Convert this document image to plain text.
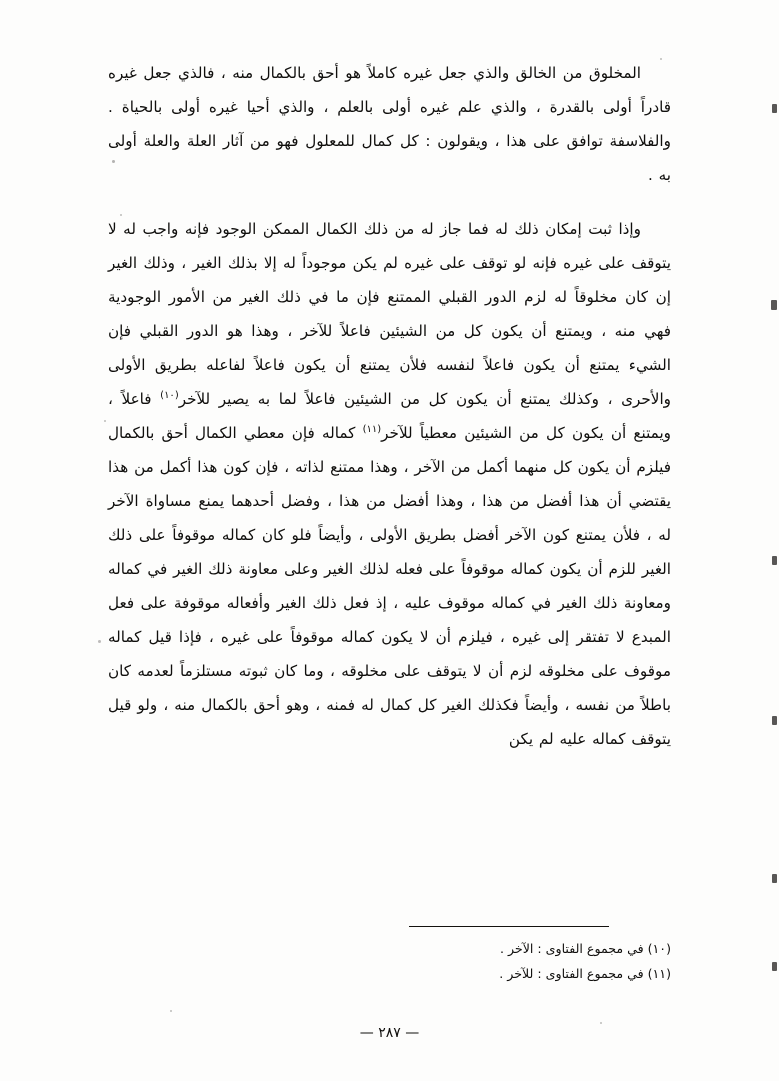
المخلوق من الخالق والذي جعل غيره كاملاً هو أحق بالكمال منه ، فالذي جعل غيره قادراً أولى بالقدرة ، والذي علم غيره أولى بالعلم ، والذي أحيا غيره أولى بالحياة . والفلاسفة توافق على هذا ، ويقولون : كل كمال للمعلول فهو من آثار العلة والعلة أولى به .

وإذا ثبت إمكان ذلك له فما جاز له من ذلك الكمال الممكن الوجود فإنه واجب له لا يتوقف على غيره فإنه لو توقف على غيره لم يكن موجوداً له إلا بذلك الغير ، وذلك الغير إن كان مخلوقاً له لزم الدور القبلي الممتنع فإن ما في ذلك الغير من الأمور الوجودية فهي منه ، ويمتنع أن يكون كل من الشيئين فاعلاً للآخر ، وهذا هو الدور القبلي فإن الشيء يمتنع أن يكون فاعلاً لنفسه فلأن يمتنع أن يكون فاعلاً لفاعله بطريق الأولى والأحرى ، وكذلك يمتنع أن يكون كل من الشيئين فاعلاً لما به يصير للآخر$^{(١٠)}$ فاعلاً ، ويمتنع أن يكون كل من الشيئين معطياً للآخر$^{(١١)}$ كماله فإن معطي الكمال أحق بالكمال فيلزم أن يكون كل منهما أكمل من الآخر ، وهذا ممتنع لذاته ، فإن كون هذا أكمل من هذا يقتضي أن هذا أفضل من هذا ، وهذا أفضل من هذا ، وفضل أحدهما يمنع مساواة الآخر له ، فلأن يمتنع كون الآخر أفضل بطريق الأولى ، وأيضاً فلو كان كماله موقوفاً على ذلك الغير للزم أن يكون كماله موقوفاً على فعله لذلك الغير وعلى معاونة ذلك الغير في كماله ومعاونة ذلك الغير في كماله موقوف عليه ، إذ فعل ذلك الغير وأفعاله موقوفة على فعل المبدع لا تفتقر إلى غيره ، فيلزم أن لا يكون كماله موقوفاً على غيره ، فإذا قيل كماله موقوف على مخلوقه لزم أن لا يتوقف على مخلوقه ، وما كان ثبوته مستلزماً لعدمه كان باطلاً من نفسه ، وأيضاً فكذلك الغير كل كمال له فمنه ، وهو أحق بالكمال منه ، ولو قيل يتوقف كماله عليه لم يكن

(١٠) في مجموع الفتاوى : الآخر .

(١١) في مجموع الفتاوى : للآخر .

— ٢٨٧ —
